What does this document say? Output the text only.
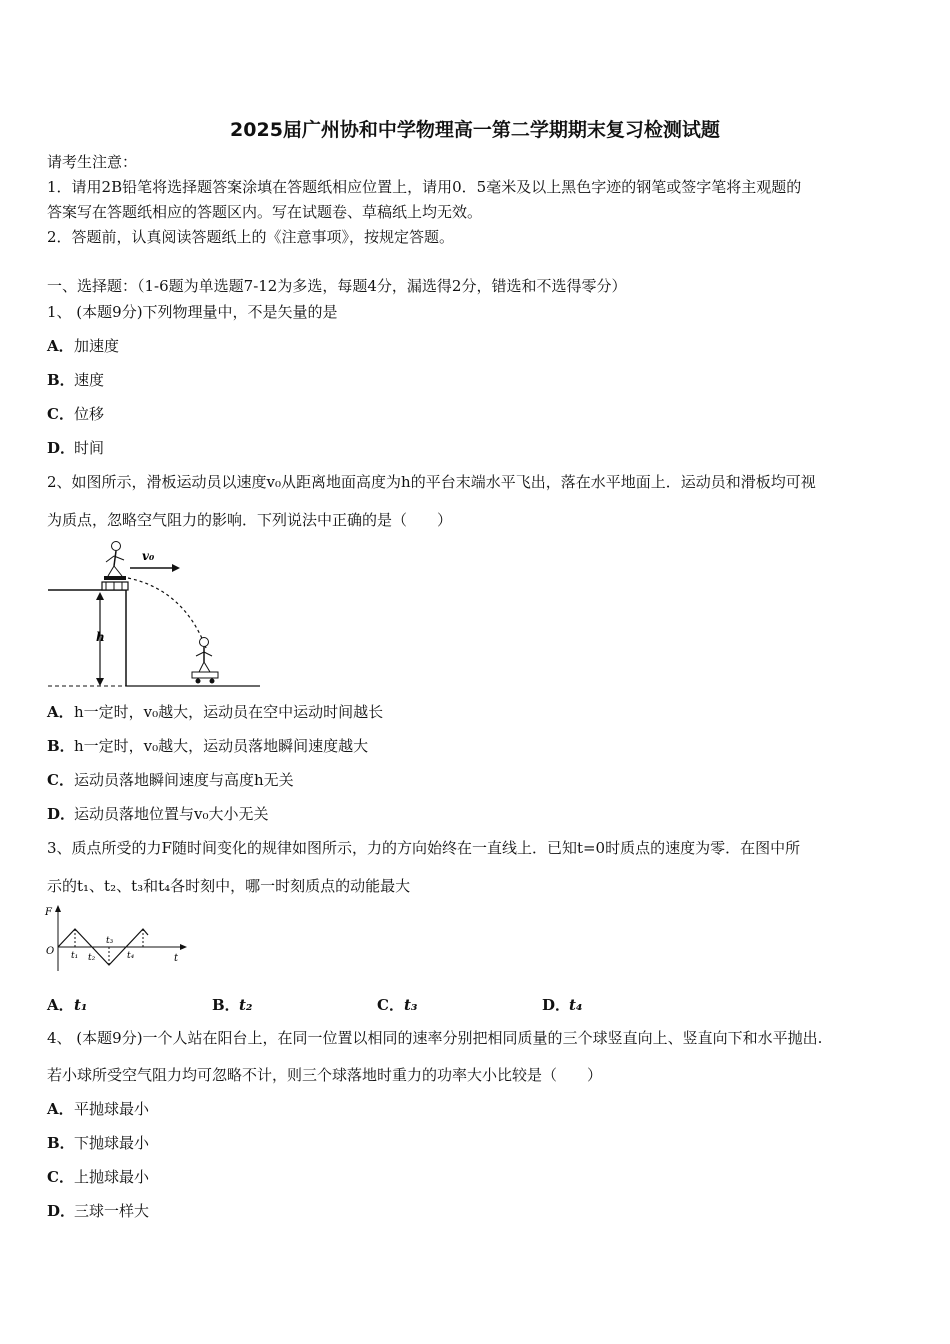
2025届广州协和中学物理高一第二学期期末复习检测试题
请考生注意：
1．请用2B铅笔将选择题答案涂填在答题纸相应位置上，请用0．5毫米及以上黑色字迹的钢笔或签字笔将主观题的
答案写在答题纸相应的答题区内。写在试题卷、草稿纸上均无效。
2．答题前，认真阅读答题纸上的《注意事项》，按规定答题。
一、选择题：（1-6题为单选题7-12为多选，每题4分，漏选得2分，错选和不选得零分）
1、 (本题9分)下列物理量中，不是矢量的是
A．加速度
B．速度
C．位移
D．时间
2、如图所示，滑板运动员以速度v₀从距离地面高度为h的平台末端水平飞出，落在水平地面上．运动员和滑板均可视
为质点，忽略空气阻力的影响．下列说法中正确的是（　　）
v₀
h
A．h一定时，v₀越大，运动员在空中运动时间越长
B．h一定时，v₀越大，运动员落地瞬间速度越大
C．运动员落地瞬间速度与高度h无关
D．运动员落地位置与v₀大小无关
3、质点所受的力F随时间变化的规律如图所示，力的方向始终在一直线上．已知t=0时质点的速度为零．在图中所
示的t₁、t₂、t₃和t₄各时刻中，哪一时刻质点的动能最大
F
O
t
t₁ t₂
t₃
t₄
A．t₁	B．t₂	C．t₃	D．t₄
4、 (本题9分)一个人站在阳台上，在同一位置以相同的速率分别把相同质量的三个球竖直向上、竖直向下和水平抛出.
若小球所受空气阻力均可忽略不计，则三个球落地时重力的功率大小比较是（　　）
A．平抛球最小
B．下抛球最小
C．上抛球最小
D．三球一样大
